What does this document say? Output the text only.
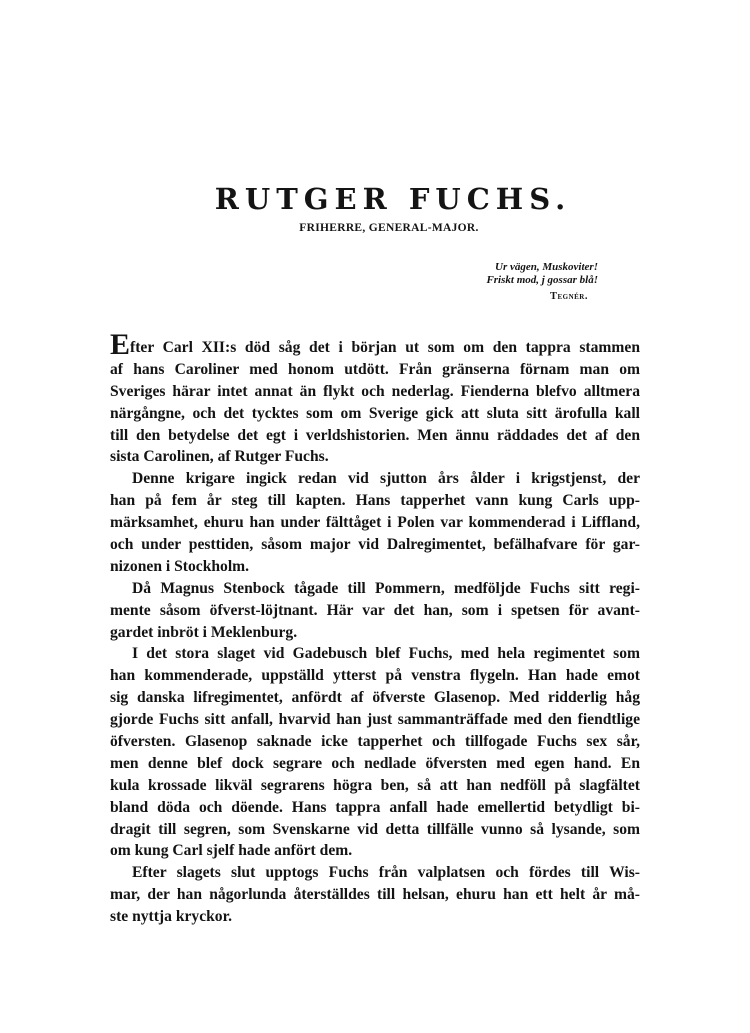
RUTGER FUCHS.
FRIHERRE, GENERAL-MAJOR.
Ur vägen, Muskoviter!
Friskt mod, j gossar blå!
Tegnér.
Efter Carl XII:s död såg det i början ut som om den tappra stammen
af hans Caroliner med honom utdött. Från gränserna förnam man om
Sveriges härar intet annat än flykt och nederlag. Fienderna blefvo alltmera
närgångne, och det tycktes som om Sverige gick att sluta sitt ärofulla kall
till den betydelse det egt i verldshistorien. Men ännu räddades det af den
sista Carolinen, af Rutger Fuchs.
Denne krigare ingick redan vid sjutton års ålder i krigstjenst, der
han på fem år steg till kapten. Hans tapperhet vann kung Carls upp-
märksamhet, ehuru han under fälttåget i Polen var kommenderad i Liffland,
och under pesttiden, såsom major vid Dalregimentet, befälhafvare för gar-
nizonen i Stockholm.
Då Magnus Stenbock tågade till Pommern, medföljde Fuchs sitt regi-
mente såsom öfverst-löjtnant. Här var det han, som i spetsen för avant-
gardet inbröt i Meklenburg.
I det stora slaget vid Gadebusch blef Fuchs, med hela regimentet som
han kommenderade, uppställd ytterst på venstra flygeln. Han hade emot
sig danska lifregimentet, anfördt af öfverste Glasenop. Med ridderlig håg
gjorde Fuchs sitt anfall, hvarvid han just sammanträffade med den fiendtlige
öfversten. Glasenop saknade icke tapperhet och tillfogade Fuchs sex sår,
men denne blef dock segrare och nedlade öfversten med egen hand. En
kula krossade likväl segrarens högra ben, så att han nedföll på slagfältet
bland döda och döende. Hans tappra anfall hade emellertid betydligt bi-
dragit till segren, som Svenskarne vid detta tillfälle vunno så lysande, som
om kung Carl sjelf hade anfört dem.
Efter slagets slut upptogs Fuchs från valplatsen och fördes till Wis-
mar, der han någorlunda återställdes till helsan, ehuru han ett helt år må-
ste nyttja kryckor.
